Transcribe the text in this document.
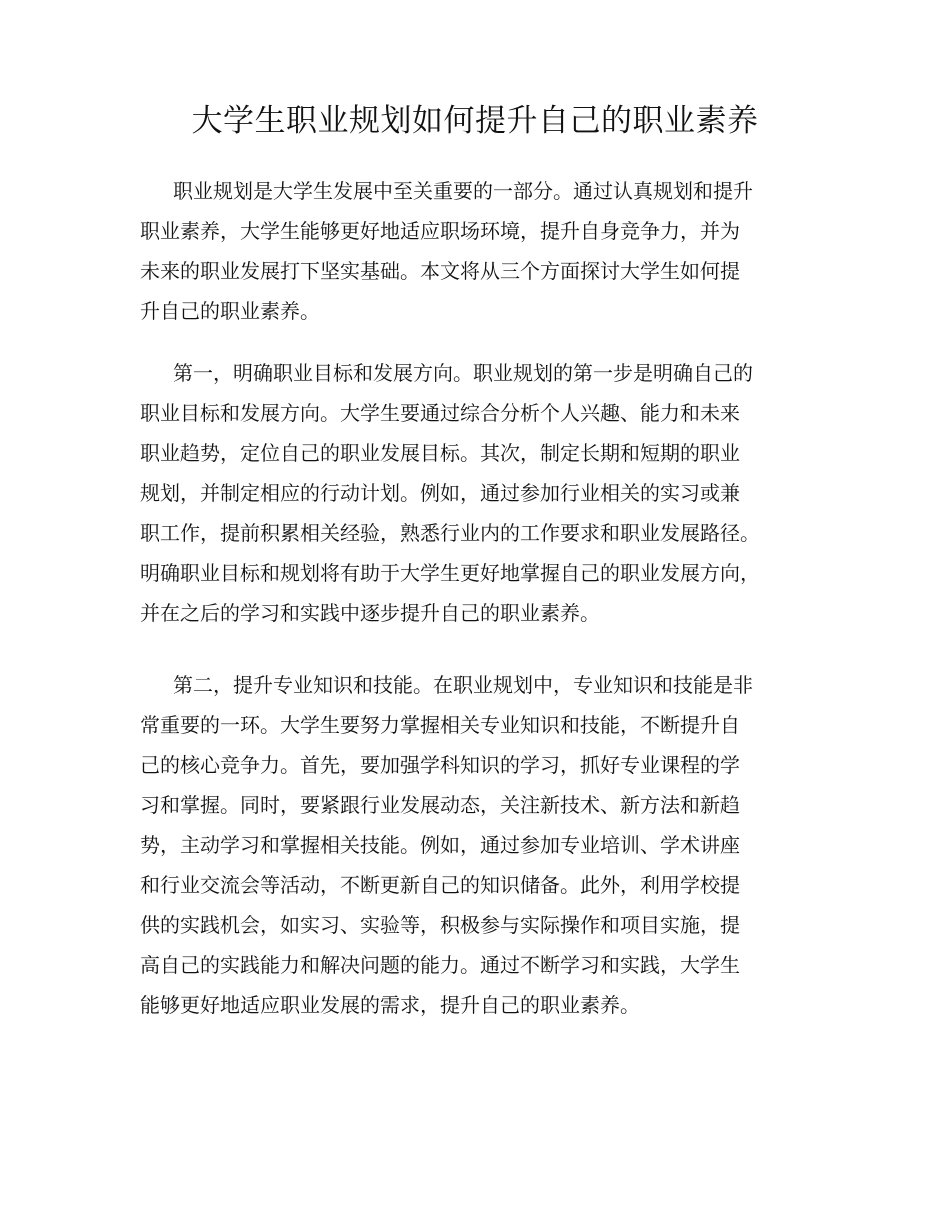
大学生职业规划如何提升自己的职业素养
职业规划是大学生发展中至关重要的一部分。通过认真规划和提升
职业素养，大学生能够更好地适应职场环境，提升自身竞争力，并为
未来的职业发展打下坚实基础。本文将从三个方面探讨大学生如何提
升自己的职业素养。
第一，明确职业目标和发展方向。职业规划的第一步是明确自己的
职业目标和发展方向。大学生要通过综合分析个人兴趣、能力和未来
职业趋势，定位自己的职业发展目标。其次，制定长期和短期的职业
规划，并制定相应的行动计划。例如，通过参加行业相关的实习或兼
职工作，提前积累相关经验，熟悉行业内的工作要求和职业发展路径。
明确职业目标和规划将有助于大学生更好地掌握自己的职业发展方向，
并在之后的学习和实践中逐步提升自己的职业素养。
第二，提升专业知识和技能。在职业规划中，专业知识和技能是非
常重要的一环。大学生要努力掌握相关专业知识和技能，不断提升自
己的核心竞争力。首先，要加强学科知识的学习，抓好专业课程的学
习和掌握。同时，要紧跟行业发展动态，关注新技术、新方法和新趋
势，主动学习和掌握相关技能。例如，通过参加专业培训、学术讲座
和行业交流会等活动，不断更新自己的知识储备。此外，利用学校提
供的实践机会，如实习、实验等，积极参与实际操作和项目实施，提
高自己的实践能力和解决问题的能力。通过不断学习和实践，大学生
能够更好地适应职业发展的需求，提升自己的职业素养。
